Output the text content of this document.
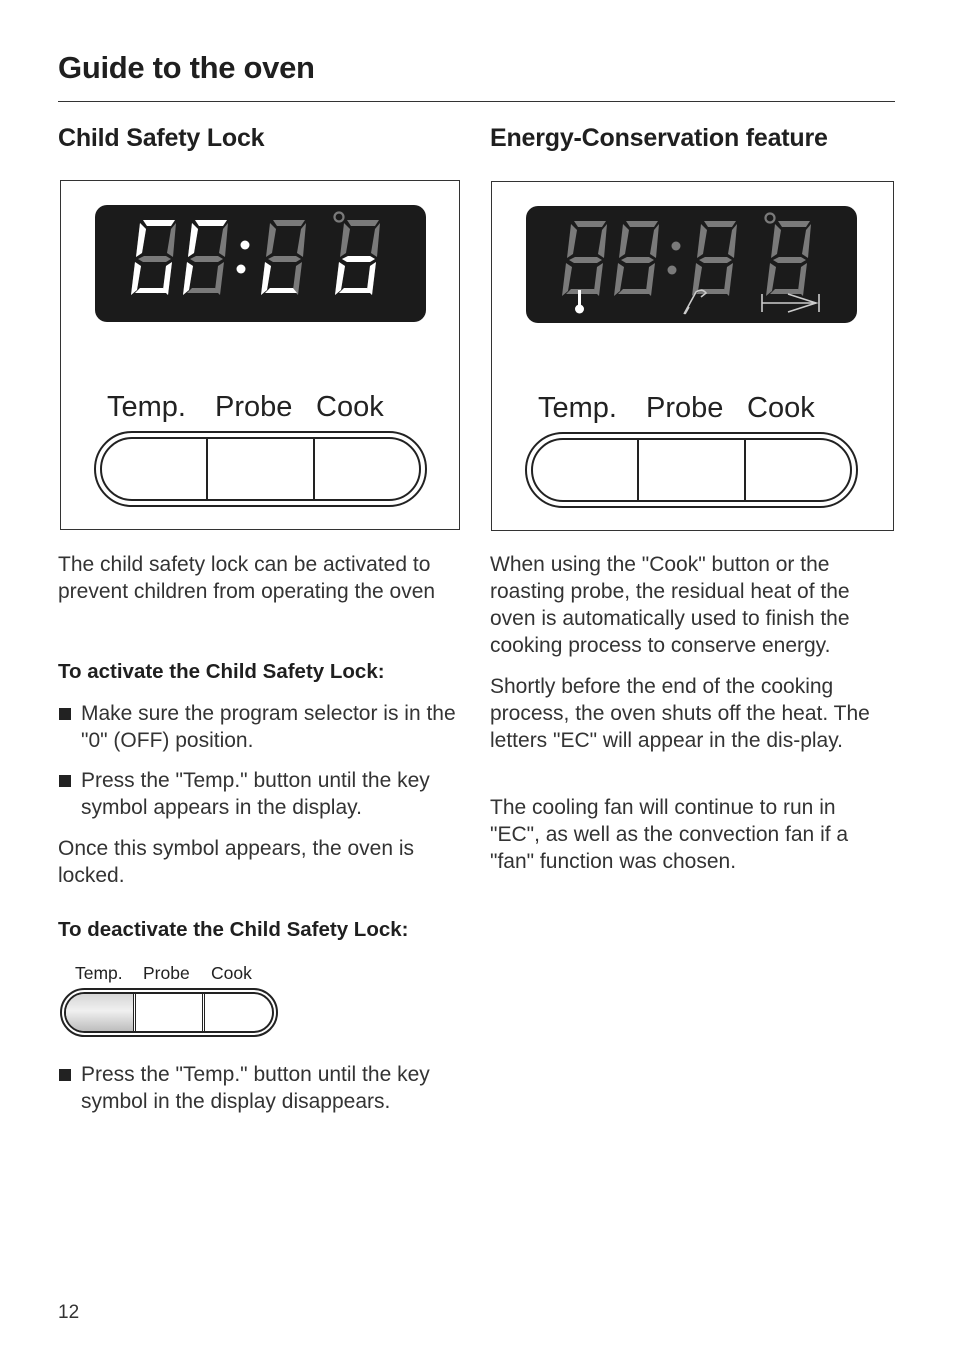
Guide to the oven
Child Safety Lock
Temp. Probe Cook

The child safety lock can be activated to prevent children from operating the oven

To activate the Child Safety Lock:

Make sure the program selector is in the "0" (OFF) position.
Press the "Temp." button until the key symbol appears in the display.

Once this symbol appears, the oven is locked.

To deactivate the Child Safety Lock:

Temp. Probe Cook
Press the "Temp." button until the key symbol in the display disappears.
Energy-Conservation feature
Temp. Probe Cook

When using the "Cook" button or the roasting probe, the residual heat of the oven is automatically used to finish the cooking process to conserve energy.

Shortly before the end of the cooking process, the oven shuts off the heat. The letters "EC" will appear in the dis-play.

The cooling fan will continue to run in "EC", as well as the convection fan if a "fan" function was chosen.

12
